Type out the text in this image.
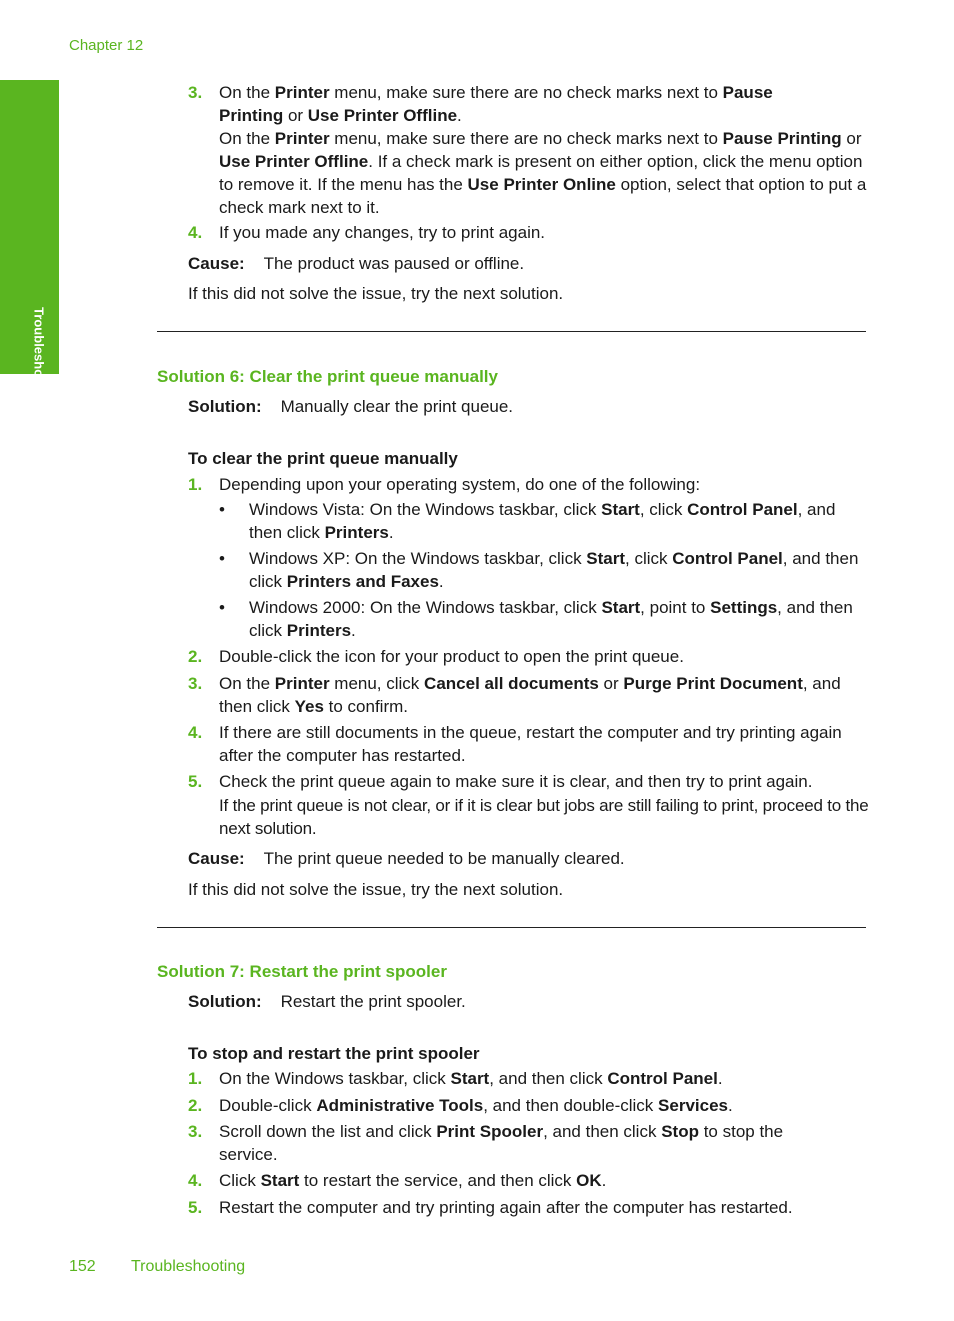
Chapter 12
Troubleshooting
3. On the Printer menu, make sure there are no check marks next to Pause Printing or Use Printer Offline.
On the Printer menu, make sure there are no check marks next to Pause Printing or Use Printer Offline. If a check mark is present on either option, click the menu option to remove it. If the menu has the Use Printer Online option, select that option to put a check mark next to it.
4. If you made any changes, try to print again.
Cause: The product was paused or offline.
If this did not solve the issue, try the next solution.
Solution 6: Clear the print queue manually
Solution: Manually clear the print queue.
To clear the print queue manually
1. Depending upon your operating system, do one of the following:
• Windows Vista: On the Windows taskbar, click Start, click Control Panel, and then click Printers.
• Windows XP: On the Windows taskbar, click Start, click Control Panel, and then click Printers and Faxes.
• Windows 2000: On the Windows taskbar, click Start, point to Settings, and then click Printers.
2. Double-click the icon for your product to open the print queue.
3. On the Printer menu, click Cancel all documents or Purge Print Document, and then click Yes to confirm.
4. If there are still documents in the queue, restart the computer and try printing again after the computer has restarted.
5. Check the print queue again to make sure it is clear, and then try to print again.
If the print queue is not clear, or if it is clear but jobs are still failing to print, proceed to the next solution.
Cause: The print queue needed to be manually cleared.
If this did not solve the issue, try the next solution.
Solution 7: Restart the print spooler
Solution: Restart the print spooler.
To stop and restart the print spooler
1. On the Windows taskbar, click Start, and then click Control Panel.
2. Double-click Administrative Tools, and then double-click Services.
3. Scroll down the list and click Print Spooler, and then click Stop to stop the service.
4. Click Start to restart the service, and then click OK.
5. Restart the computer and try printing again after the computer has restarted.
152 Troubleshooting
